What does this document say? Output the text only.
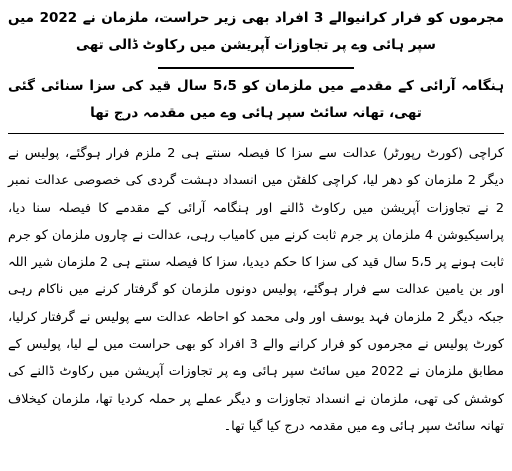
مجرموں کو فرار کرانیوالے 3 افراد بھی زیر حراست، ملزمان نے 2022 میں سپر ہائی وے پر تجاوزات آپریشن میں رکاوٹ ڈالی تھی
ہنگامہ آرائی کے مقدمے میں ملزمان کو 5،5 سال قید کی سزا سنائی گئی تھی، تھانہ سائٹ سپر ہائی وے میں مقدمہ درج تھا

کراچی (کورٹ رپورٹر) عدالت سے سزا کا فیصلہ سنتے ہی 2 ملزم فرار ہوگئے، پولیس نے دیگر 2 ملزمان کو دھر لیا، کراچی کلفٹن میں انسداد دہشت گردی کی خصوصی عدالت نمبر 2 نے تجاوزات آپریشن میں رکاوٹ ڈالنے اور ہنگامہ آرائی کے مقدمے کا فیصلہ سنا دیا، پراسیکیوشن 4 ملزمان پر جرم ثابت کرنے میں کامیاب رہی، عدالت نے چاروں ملزمان کو جرم ثابت ہونے پر 5،5 سال قید کی سزا کا حکم دیدیا، سزا کا فیصلہ سنتے ہی 2 ملزمان شیر اللہ اور بن یامین عدالت سے فرار ہوگئے، پولیس دونوں ملزمان کو گرفتار کرنے میں ناکام رہی جبکہ دیگر 2 ملزمان فہد یوسف اور ولی محمد کو احاطہ عدالت سے پولیس نے گرفتار کرلیا، کورٹ پولیس نے مجرموں کو فرار کرانے والے 3 افراد کو بھی حراست میں لے لیا، پولیس کے مطابق ملزمان نے 2022 میں سائٹ سپر ہائی وے پر تجاوزات آپریشن میں رکاوٹ ڈالنے کی کوشش کی تھی، ملزمان نے انسداد تجاوزات و دیگر عملے پر حملہ کردیا تھا، ملزمان کیخلاف تھانہ سائٹ سپر ہائی وے میں مقدمہ درج کیا گیا تھا۔
